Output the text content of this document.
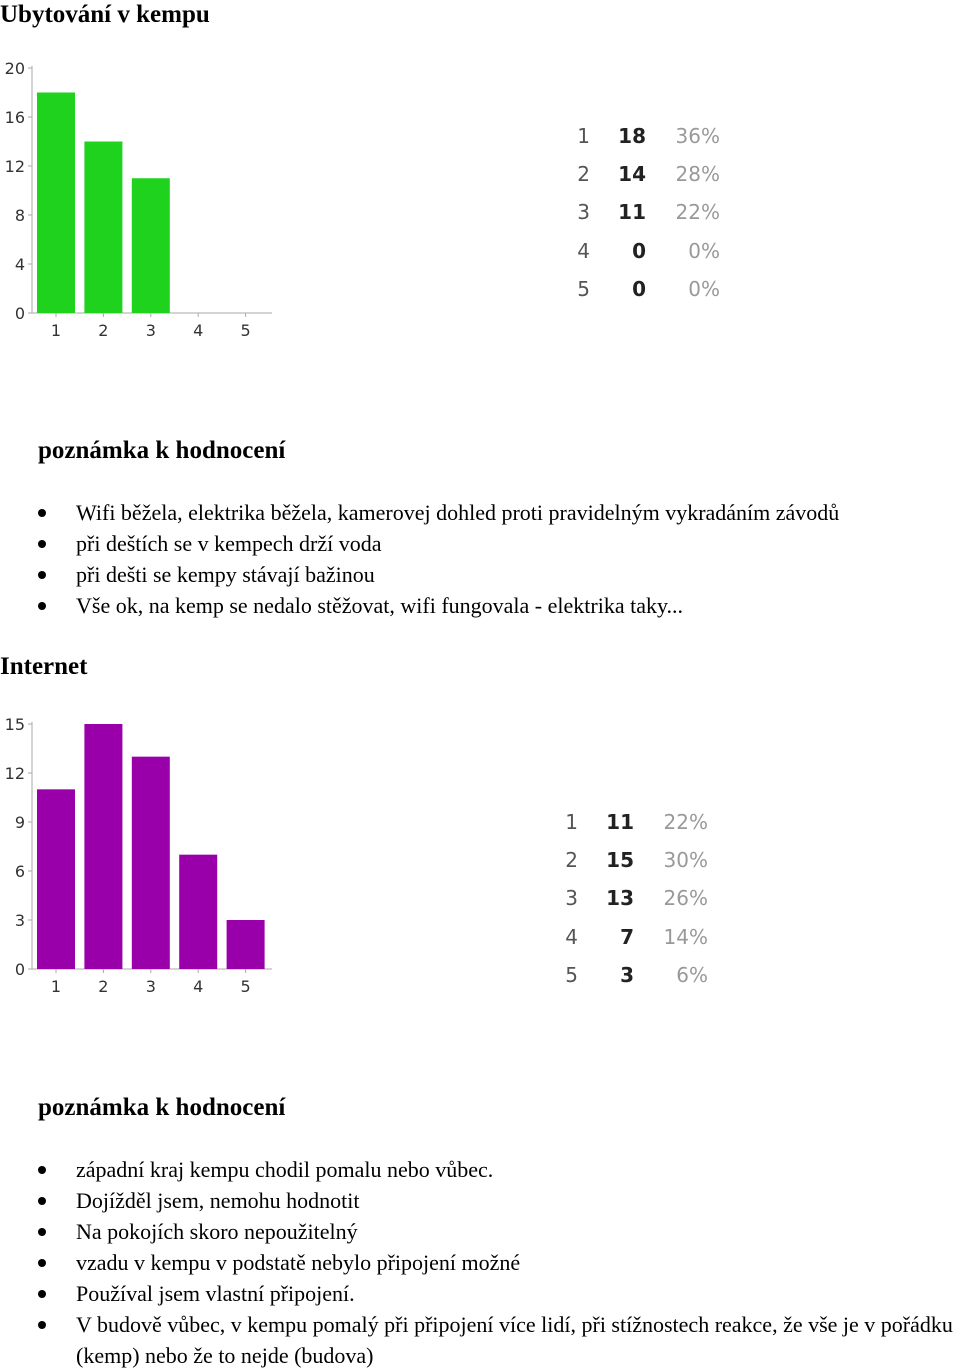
Ubytování v kempu
0
4
8
12
16
20
1 2 3 4 5
1	18	36%
2	14	28%
3	11	22%
4	0	0%
5	0	0%
poznámka k hodnocení
Wifi běžela, elektrika běžela, kamerovej dohled proti pravidelným vykradáním závodů
při deštích se v kempech drží voda
při dešti se kempy stávají bažinou
Vše ok, na kemp se nedalo stěžovat, wifi fungovala - elektrika taky...
Internet
0
3
6
9
12
15
1 2 3 4 5
1	11	22%
2	15	30%
3	13	26%
4	7	14%
5	3	6%
poznámka k hodnocení
západní kraj kempu chodil pomalu nebo vůbec.
Dojížděl jsem, nemohu hodnotit
Na pokojích skoro nepoužitelný
vzadu v kempu v podstatě nebylo připojení možné
Používal jsem vlastní připojení.
V budově vůbec, v kempu pomalý při připojení více lidí, při stížnostech reakce, že vše je v pořádku (kemp) nebo že to nejde (budova)
